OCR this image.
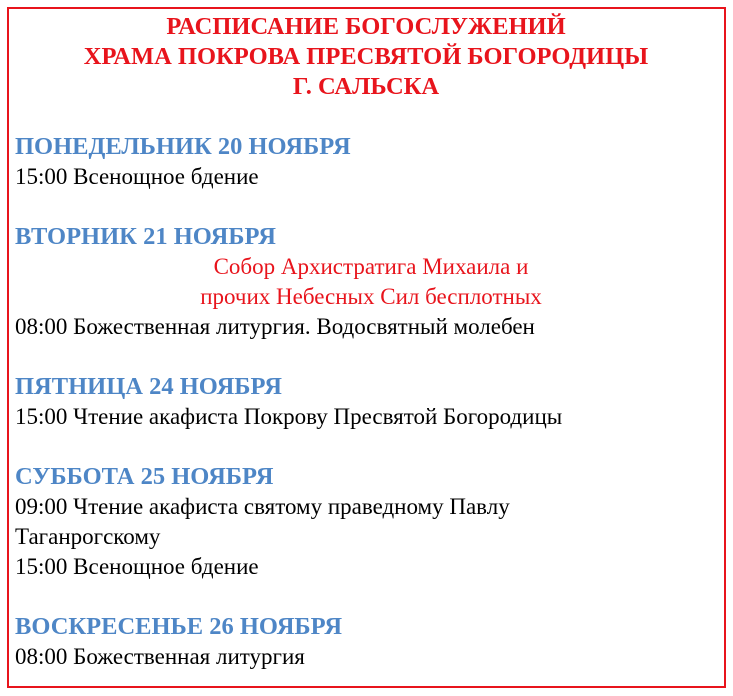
РАСПИСАНИЕ БОГОСЛУЖЕНИЙ

ХРАМА ПОКРОВА ПРЕСВЯТОЙ БОГОРОДИЦЫ

Г. САЛЬСКА

ПОНЕДЕЛЬНИК 20 НОЯБРЯ

15:00 Всенощное бдение

ВТОРНИК 21 НОЯБРЯ

Собор Архистратига Михаила и

прочих Небесных Сил бесплотных

08:00 Божественная литургия. Водосвятный молебен

ПЯТНИЦА 24 НОЯБРЯ

15:00 Чтение акафиста Покрову Пресвятой Богородицы

СУББОТА 25 НОЯБРЯ

09:00 Чтение акафиста святому праведному Павлу

Таганрогскому

15:00 Всенощное бдение

ВОСКРЕСЕНЬЕ 26 НОЯБРЯ

08:00 Божественная литургия
